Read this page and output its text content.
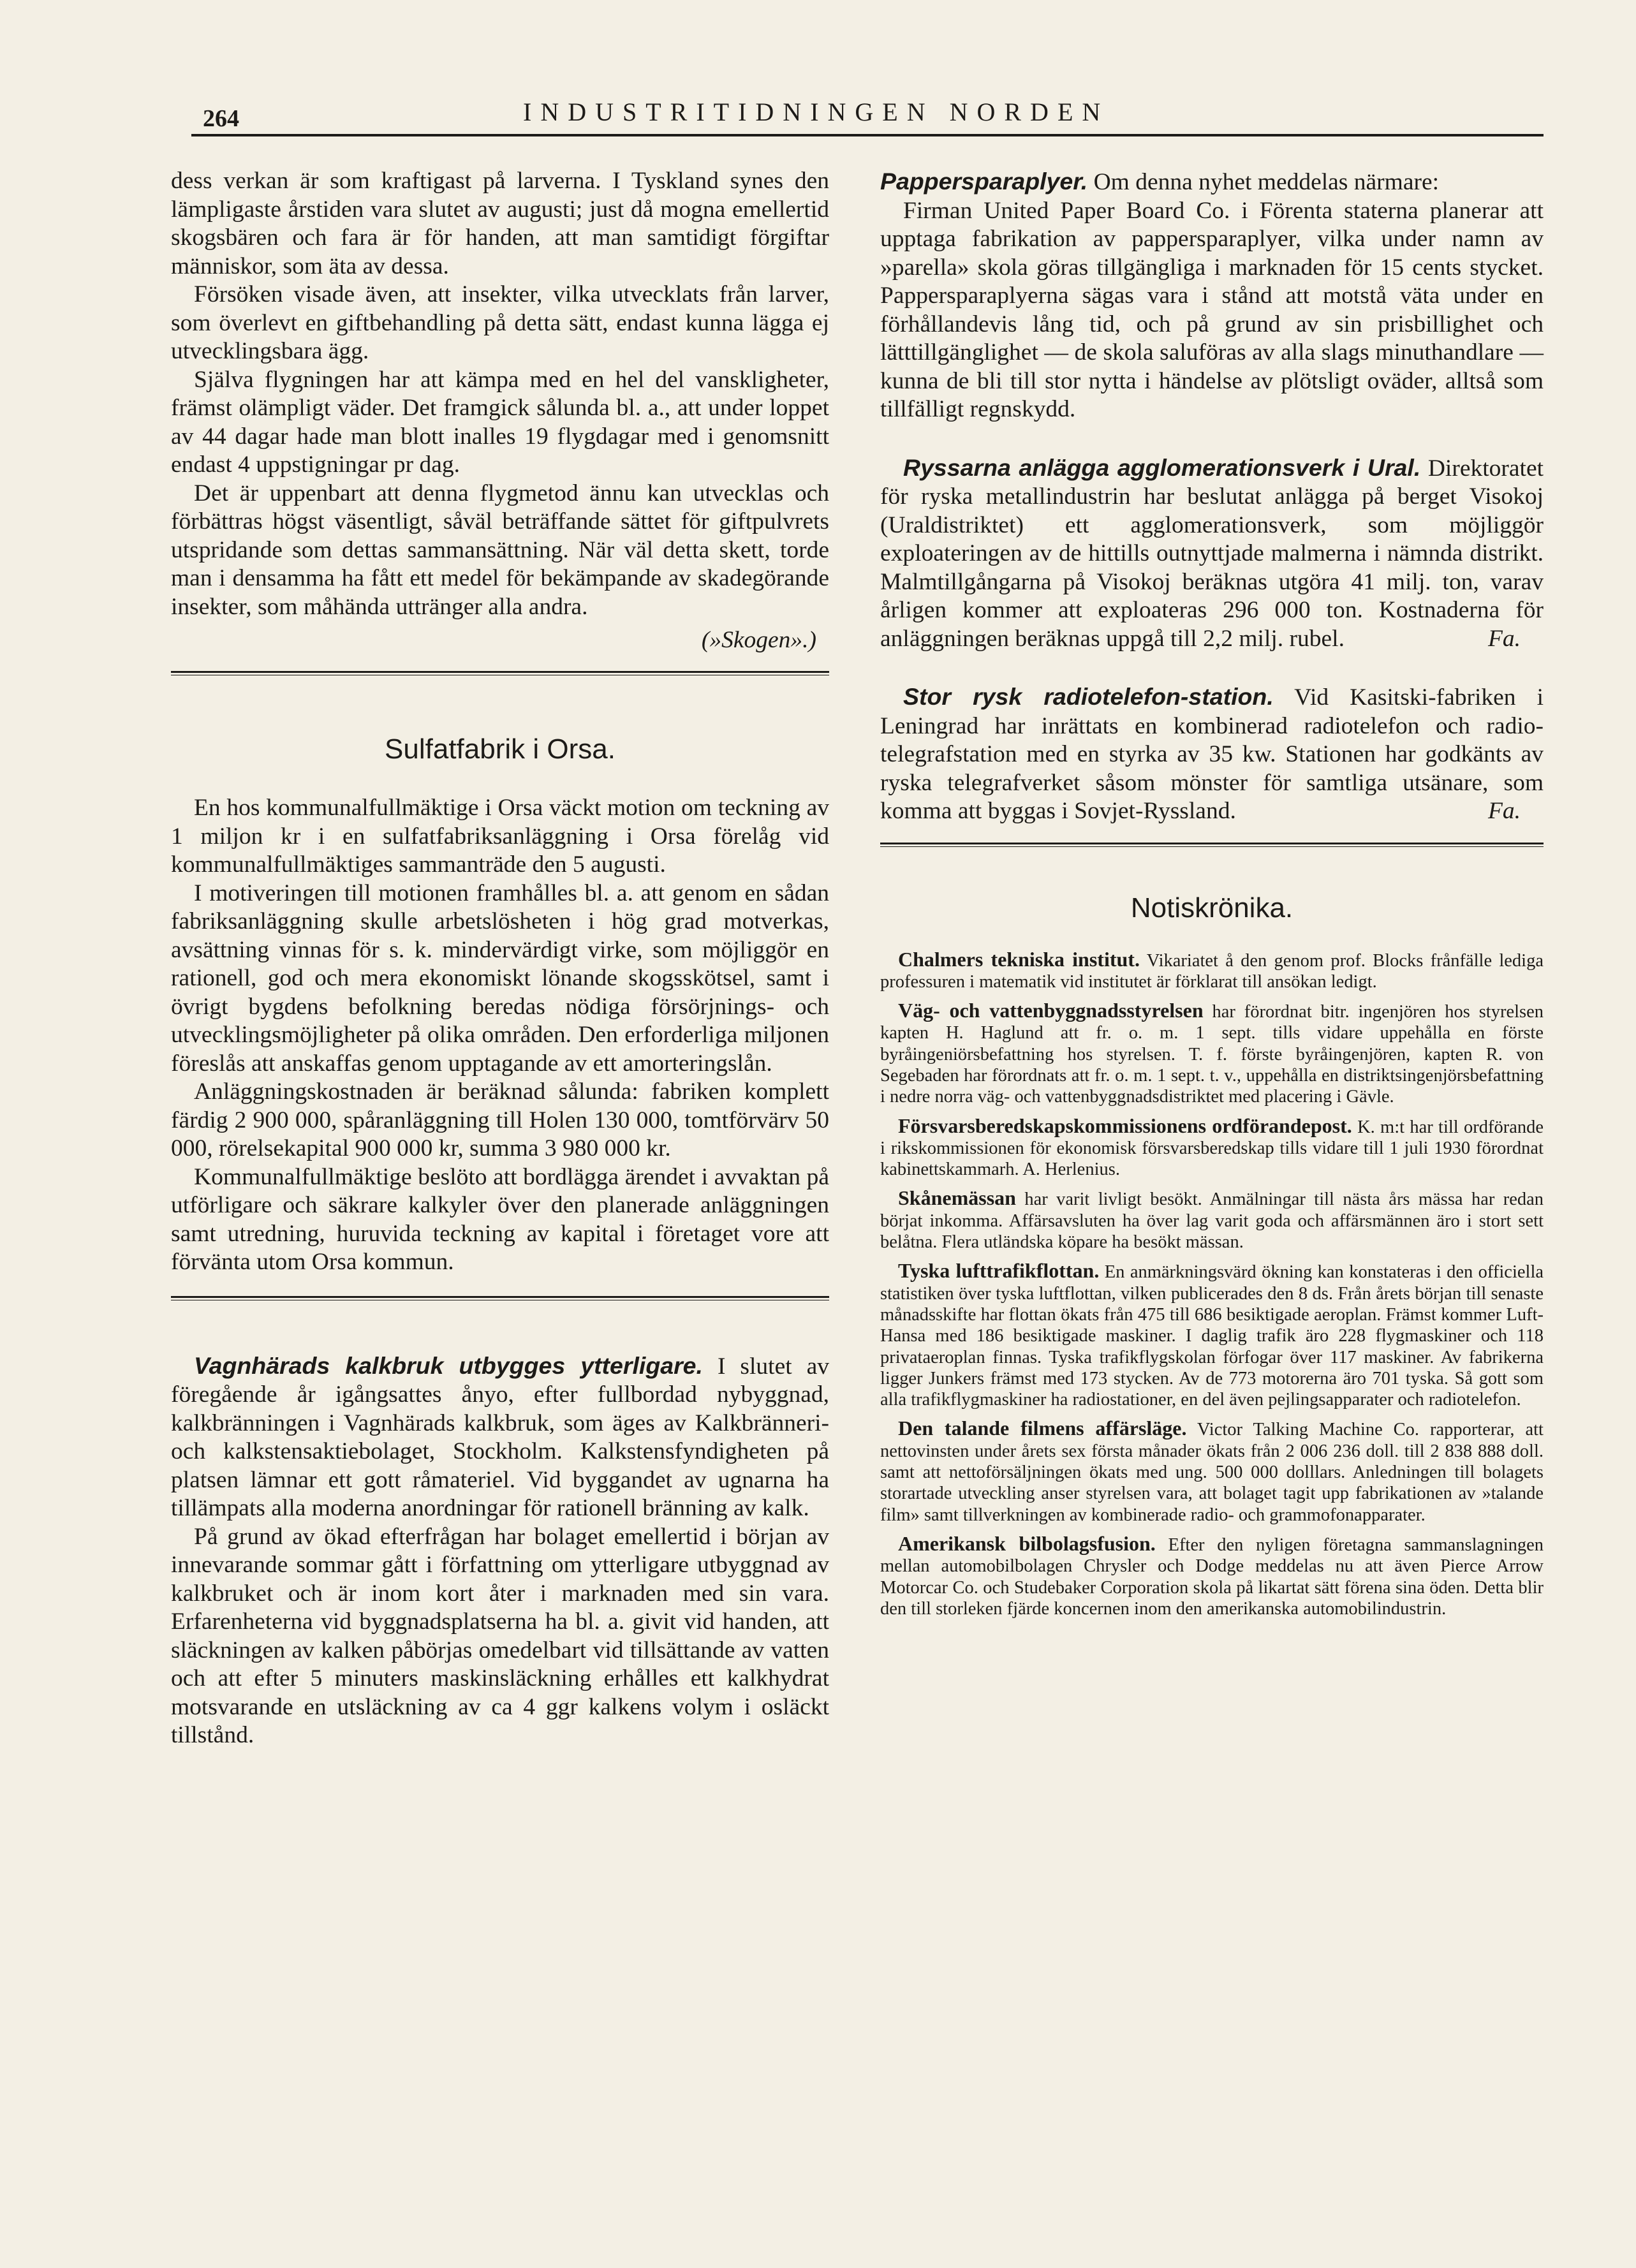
264	INDUSTRITIDNINGEN NORDEN

dess verkan är som kraftigast på larverna. I Tyskland synes den lämpligaste årstiden vara slutet av augusti; just då mogna emellertid skogsbären och fara är för handen, att man samtidigt förgiftar människor, som äta av dessa.

Försöken visade även, att insekter, vilka utvecklats från larver, som överlevt en giftbehandling på detta sätt, endast kunna lägga ej utvecklingsbara ägg.

Själva flygningen har att kämpa med en hel del vanskligheter, främst olämpligt väder. Det framgick sålunda bl. a., att under loppet av 44 dagar hade man blott inalles 19 flygdagar med i genomsnitt endast 4 uppstigningar pr dag.

Det är uppenbart att denna flygmetod ännu kan utvecklas och förbättras högst väsentligt, såväl beträffande sättet för giftpulvrets utspridande som dettas sammansättning. När väl detta skett, torde man i densamma ha fått ett medel för bekämpande av skadegörande insekter, som måhända uttränger alla andra.

(»Skogen».)
Sulfatfabrik i Orsa.

En hos kommunalfullmäktige i Orsa väckt motion om teckning av 1 miljon kr i en sulfatfabriksanläggning i Orsa förelåg vid kommunalfullmäktiges sammanträde den 5 augusti.

I motiveringen till motionen framhålles bl. a. att genom en sådan fabriksanläggning skulle arbetslösheten i hög grad motverkas, avsättning vinnas för s. k. mindervärdigt virke, som möjliggör en rationell, god och mera ekonomiskt lönande skogsskötsel, samt i övrigt bygdens befolkning beredas nödiga försörjnings- och utvecklingsmöjligheter på olika områden. Den erforderliga miljonen föreslås att anskaffas genom upptagande av ett amorteringslån.

Anläggningskostnaden är beräknad sålunda: fabriken komplett färdig 2 900 000, spåranläggning till Holen 130 000, tomtförvärv 50 000, rörelsekapital 900 000 kr, summa 3 980 000 kr.

Kommunalfullmäktige beslöto att bordlägga ärendet i avvaktan på utförligare och säkrare kalkyler över den planerade anläggningen samt utredning, huruvida teckning av kapital i företaget vore att förvänta utom Orsa kommun.

Vagnhärads kalkbruk utbygges ytterligare. I slutet av föregående år igångsattes ånyo, efter fullbordad nybyggnad, kalkbränningen i Vagnhärads kalkbruk, som äges av Kalkbränneri- och kalkstensaktiebolaget, Stockholm. Kalkstensfyndigheten på platsen lämnar ett gott råmateriel. Vid byggandet av ugnarna ha tillämpats alla moderna anordningar för rationell bränning av kalk.

På grund av ökad efterfrågan har bolaget emellertid i början av innevarande sommar gått i författning om ytterligare utbyggnad av kalkbruket och är inom kort åter i marknaden med sin vara. Erfarenheterna vid byggnadsplatserna ha bl. a. givit vid handen, att släckningen av kalken påbörjas omedelbart vid tillsättande av vatten och att efter 5 minuters maskinsläckning erhålles ett kalkhydrat motsvarande en utsläckning av ca 4 ggr kalkens volym i osläckt tillstånd.

Pappersparaplyer. Om denna nyhet meddelas närmare:

Firman United Paper Board Co. i Förenta staterna planerar att upptaga fabrikation av pappersparaplyer, vilka under namn av »parella» skola göras tillgängliga i marknaden för 15 cents stycket. Pappersparaplyerna sägas vara i stånd att motstå väta under en förhållandevis lång tid, och på grund av sin prisbillighet och lätttillgänglighet — de skola saluföras av alla slags minuthandlare — kunna de bli till stor nytta i händelse av plötsligt oväder, alltså som tillfälligt regnskydd.

Ryssarna anlägga agglomerationsverk i Ural. Direktoratet för ryska metallindustrin har beslutat anlägga på berget Visokoj (Uraldistriktet) ett agglomerationsverk, som möjliggör exploateringen av de hittills outnyttjade malmerna i nämnda distrikt. Malmtillgångarna på Visokoj beräknas utgöra 41 milj. ton, varav årligen kommer att exploateras 296 000 ton. Kostnaderna för anläggningen beräknas uppgå till 2,2 milj. rubel.	Fa.

Stor rysk radiotelefon-station. Vid Kasitski-fabriken i Leningrad har inrättats en kombinerad radiotelefon och radio-telegrafstation med en styrka av 35 kw. Stationen har godkänts av ryska telegrafverket såsom mönster för samtliga utsänare, som komma att byggas i Sovjet-Ryssland.	Fa.

Notiskrönika.

Chalmers tekniska institut. Vikariatet å den genom prof. Blocks frånfälle lediga professuren i matematik vid institutet är förklarat till ansökan ledigt.

Väg- och vattenbyggnadsstyrelsen har förordnat bitr. ingenjören hos styrelsen kapten H. Haglund att fr. o. m. 1 sept. tills vidare uppehålla en förste byråingeniörsbefattning hos styrelsen. T. f. förste byråingenjören, kapten R. von Segebaden har förordnats att fr. o. m. 1 sept. t. v., uppehålla en distriktsingenjörsbefattning i nedre norra väg- och vattenbyggnadsdistriktet med placering i Gävle.

Försvarsberedskapskommissionens ordförandepost. K. m:t har till ordförande i rikskommissionen för ekonomisk försvarsberedskap tills vidare till 1 juli 1930 förordnat kabinettskammarh. A. Herlenius.

Skånemässan har varit livligt besökt. Anmälningar till nästa års mässa har redan börjat inkomma. Affärsavsluten ha över lag varit goda och affärsmännen äro i stort sett belåtna. Flera utländska köpare ha besökt mässan.

Tyska lufttrafikflottan. En anmärkningsvärd ökning kan konstateras i den officiella statistiken över tyska luftflottan, vilken publicerades den 8 ds. Från årets början till senaste månadsskifte har flottan ökats från 475 till 686 besiktigade aeroplan. Främst kommer Luft-Hansa med 186 besiktigade maskiner. I daglig trafik äro 228 flygmaskiner och 118 privataeroplan finnas. Tyska trafikflygskolan förfogar över 117 maskiner. Av fabrikerna ligger Junkers främst med 173 stycken. Av de 773 motorerna äro 701 tyska. Så gott som alla trafikflygmaskiner ha radiostationer, en del även pejlingsapparater och radiotelefon.

Den talande filmens affärsläge. Victor Talking Machine Co. rapporterar, att nettovinsten under årets sex första månader ökats från 2 006 236 doll. till 2 838 888 doll. samt att nettoförsäljningen ökats med ung. 500 000 dolllars. Anledningen till bolagets storartade utveckling anser styrelsen vara, att bolaget tagit upp fabrikationen av »talande film» samt tillverkningen av kombinerade radio- och grammofonapparater.

Amerikansk bilbolagsfusion. Efter den nyligen företagna sammanslagningen mellan automobilbolagen Chrysler och Dodge meddelas nu att även Pierce Arrow Motorcar Co. och Studebaker Corporation skola på likartat sätt förena sina öden. Detta blir den till storleken fjärde koncernen inom den amerikanska automobilindustrin.
